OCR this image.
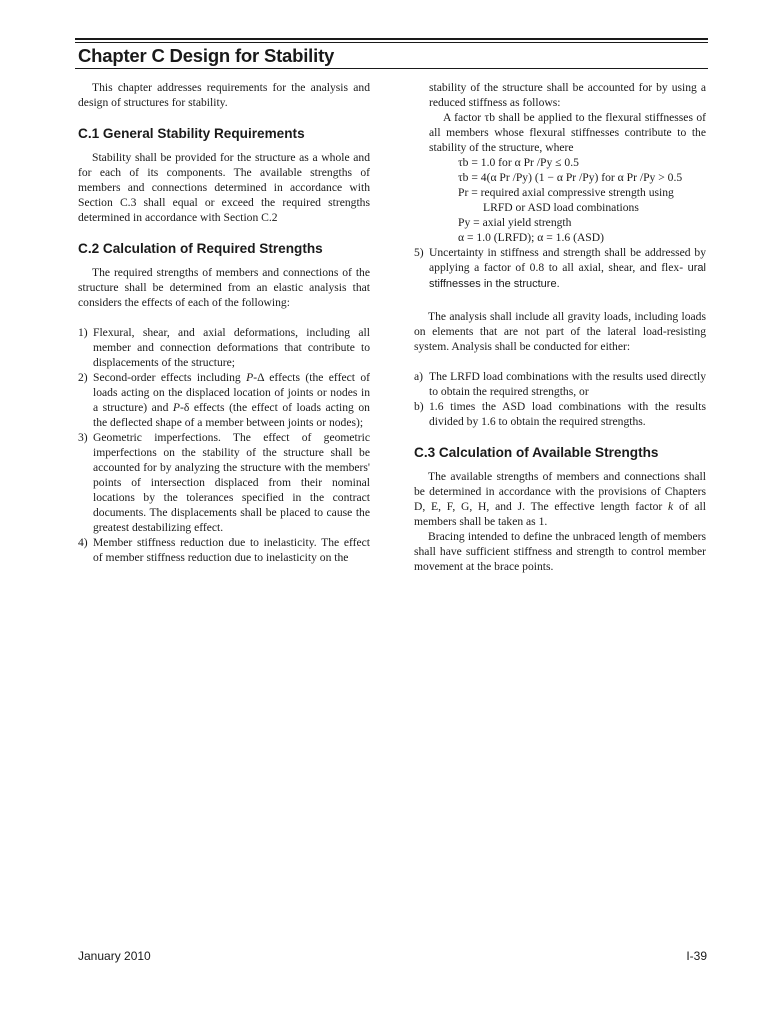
Chapter C Design for Stability

This chapter addresses requirements for the analysis and design of structures for stability.

C.1 General Stability Requirements

Stability shall be provided for the structure as a whole and for each of its components. The available strengths of members and connections determined in accordance with Section C.3 shall equal or exceed the required strengths determined in accordance with Section C.2

C.2 Calculation of Required Strengths

The required strengths of members and connections of the structure shall be determined from an elastic analysis that considers the effects of each of the following:

1) Flexural, shear, and axial deformations, including all member and connection deformations that contribute to displacements of the structure;
2) Second-order effects including P-Δ effects (the effect of loads acting on the displaced location of joints or nodes in a structure) and P-δ effects (the effect of loads acting on the deflected shape of a member between joints or nodes);
3) Geometric imperfections. The effect of geometric imperfections on the stability of the structure shall be accounted for by analyzing the structure with the members' points of intersection displaced from their nominal locations by the tolerances specified in the contract documents. The displacements shall be placed to cause the greatest destabilizing effect.
4) Member stiffness reduction due to inelasticity. The effect of member stiffness reduction due to inelasticity on the

stability of the structure shall be accounted for by using a reduced stiffness as follows:

A factor τb shall be applied to the flexural stiffnesses of all members whose flexural stiffnesses contribute to the stability of the structure, where

τb = 1.0 for α Pr /Py ≤ 0.5
τb = 4(α Pr /Py) (1 − α Pr /Py) for α Pr /Py > 0.5
Pr = required axial compressive strength using
LRFD or ASD load combinations
Py = axial yield strength
α = 1.0 (LRFD); α = 1.6 (ASD)
5) Uncertainty in stiffness and strength shall be addressed by applying a factor of 0.8 to all axial, shear, and flex- ural stiffnesses in the structure.

The analysis shall include all gravity loads, including loads on elements that are not part of the lateral load-resisting system. Analysis shall be conducted for either:

a) The LRFD load combinations with the results used directly to obtain the required strengths, or
b) 1.6 times the ASD load combinations with the results divided by 1.6 to obtain the required strengths.
C.3 Calculation of Available Strengths

The available strengths of members and connections shall be determined in accordance with the provisions of Chapters D, E, F, G, H, and J. The effective length factor k of all members shall be taken as 1.

Bracing intended to define the unbraced length of members shall have sufficient stiffness and strength to control member movement at the brace points.

January 2010	I-39
